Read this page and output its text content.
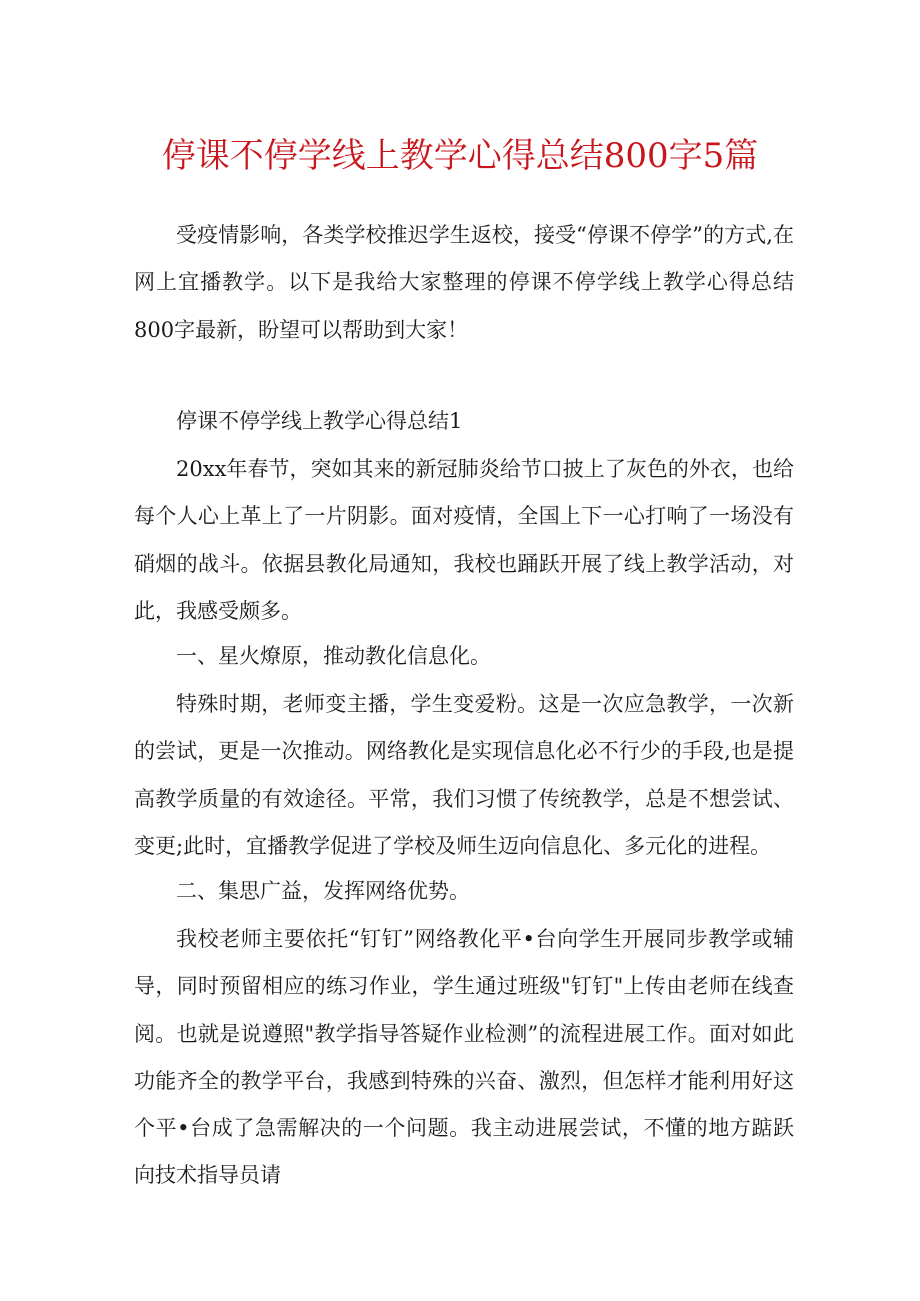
停课不停学线上教学心得总结800字5篇

受疫情影响，各类学校推迟学生返校，接受“停课不停学”的方式,在网上宜播教学。以下是我给大家整理的停课不停学线上教学心得总结800字最新，盼望可以帮助到大家！

停课不停学线上教学心得总结1

20xx年春节，突如其来的新冠肺炎给节口披上了灰色的外衣，也给每个人心上革上了一片阴影。面对疫情，全国上下一心打响了一场没有硝烟的战斗。依据县教化局通知，我校也踊跃开展了线上教学活动，对此，我感受颇多。

一、星火燎原，推动教化信息化。

特殊时期，老师变主播，学生变爱粉。这是一次应急教学，一次新的尝试，更是一次推动。网络教化是实现信息化必不行少的手段,也是提高教学质量的有效途径。平常，我们习惯了传统教学，总是不想尝试、变更;此时，宜播教学促进了学校及师生迈向信息化、多元化的进程。

二、集思广益，发挥网络优势。

我校老师主要依托“钉钉”网络教化平•台向学生开展同步教学或辅导，同时预留相应的练习作业，学生通过班级"钉钉"上传由老师在线查阅。也就是说遵照"教学指导答疑作业检测”的流程进展工作。面对如此功能齐全的教学平台，我感到特殊的兴奋、激烈，但怎样才能利用好这个平•台成了急需解决的一个问题。我主动进展尝试，不懂的地方踮跃向技术指导员请
